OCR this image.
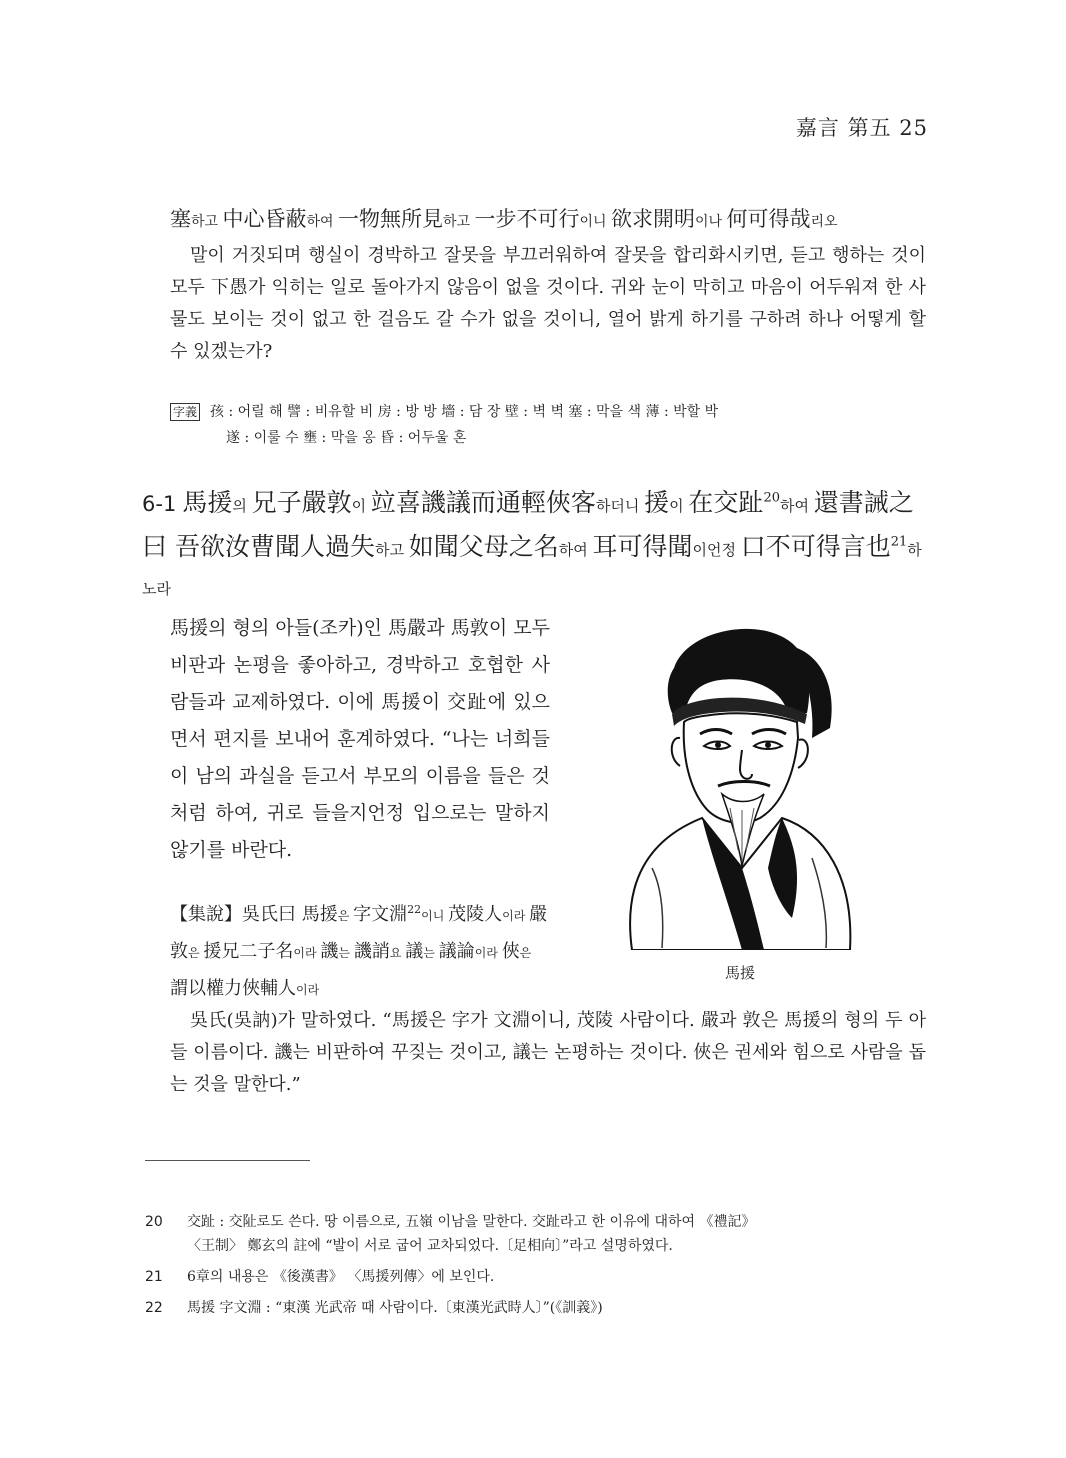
嘉言 第五 25
塞하고 中心昏蔽하여 一物無所見하고 一步不可行이니 欲求開明이나 何可得哉리오

말이 거짓되며 행실이 경박하고 잘못을 부끄러워하여 잘못을 합리화시키면, 듣고 행하는 것이 모두 下愚가 익히는 일로 돌아가지 않음이 없을 것이다. 귀와 눈이 막히고 마음이 어두워져 한 사물도 보이는 것이 없고 한 걸음도 갈 수가 없을 것이니, 열어 밝게 하기를 구하려 하나 어떻게 할 수 있겠는가?

字義 孩 : 어릴 해 譬 : 비유할 비 房 : 방 방 墻 : 담 장 壁 : 벽 벽 塞 : 막을 색 薄 : 박할 박
遂 : 이룰 수 壅 : 막을 옹 昏 : 어두울 혼
6-1 馬援의 兄子嚴敦이 竝喜譏議而通輕俠客하더니 援이 在交趾$^{20}$하여 還書誡之曰 吾欲汝曹聞人過失하고 如聞父母之名하여 耳可得聞이언정 口不可得言也$^{21}$하노라

馬援의 형의 아들(조카)인 馬嚴과 馬敦이 모두 비판과 논평을 좋아하고, 경박하고 호협한 사람들과 교제하였다. 이에 馬援이 交趾에 있으면서 편지를 보내어 훈계하였다. “나는 너희들이 남의 과실을 듣고서 부모의 이름을 들은 것처럼 하여, 귀로 들을지언정 입으로는 말하지 않기를 바란다.

【集說】吳氏曰 馬援은 字文淵$^{22}$이니 茂陵人이라 嚴敦은 援兄二子名이라 譏는 譏誚요 議는 議論이라 俠은 謂以權力俠輔人이라

吳氏(吳訥)가 말하였다. “馬援은 字가 文淵이니, 茂陵 사람이다. 嚴과 敦은 馬援의 형의 두 아들 이름이다. 譏는 비판하여 꾸짖는 것이고, 議는 논평하는 것이다. 俠은 권세와 힘으로 사람을 돕는 것을 말한다.”

馬援
20 交趾 : 交阯로도 쓴다. 땅 이름으로, 五嶺 이남을 말한다. 交趾라고 한 이유에 대하여 《禮記》
〈王制〉 鄭玄의 註에 “발이 서로 굽어 교차되었다.〔足相向〕”라고 설명하였다.
21 6章의 내용은 《後漢書》 〈馬援列傳〉에 보인다.
22 馬援 字文淵 : “東漢 光武帝 때 사람이다.〔東漢光武時人〕”(《訓義》)
